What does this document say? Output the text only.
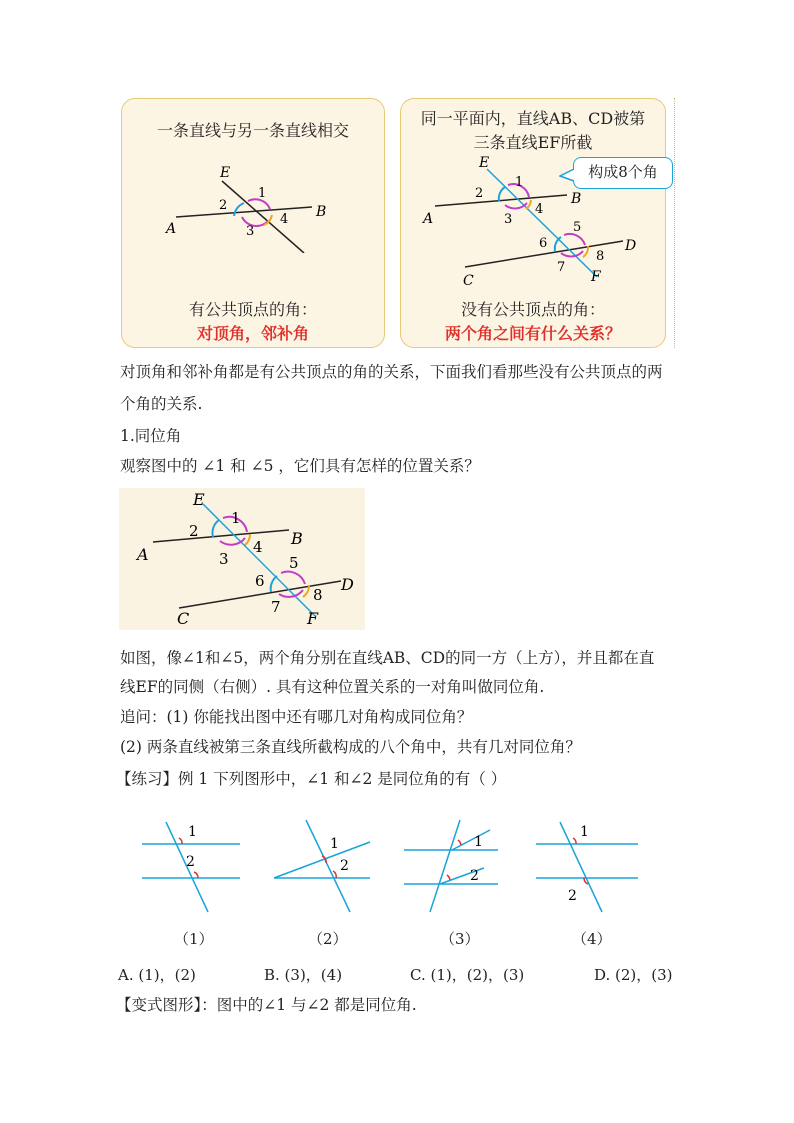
一条直线与另一条直线相交
E
1
2
4 B
A	3
有公共顶点的角：
对顶角，邻补角
同一平面内，直线AB、CD被第
三条直线EF所截
构成8个角
E
1
2	B
4
3
A
5
6	D
8
7
F
C
没有公共顶点的角：
两个角之间有什么关系？
对顶角和邻补角都是有公共顶点的角的关系，下面我们看那些没有公共顶点的两
个角的关系.
1.同位角
观察图中的 ∠1 和 ∠5 ，它们具有怎样的位置关系？
E
1
2	B
4
A	3	5
6	D
8
7
F
C
如图，像∠1和∠5，两个角分别在直线AB、CD的同一方（上方），并且都在直
线EF的同侧（右侧）. 具有这种位置关系的一对角叫做同位角.
追问：(1) 你能找出图中还有哪几对角构成同位角？
(2) 两条直线被第三条直线所截构成的八个角中，共有几对同位角？
【练习】例 1 下列图形中，∠1 和∠2 是同位角的有（ ）
1
2
1
2
1
2
1
2
（1）	（2）	（3）	（4）
A. (1)，(2)	B. (3)，(4)	C. (1)，(2)，(3)	D. (2)，(3)
【变式图形】：图中的∠1 与∠2 都是同位角.
